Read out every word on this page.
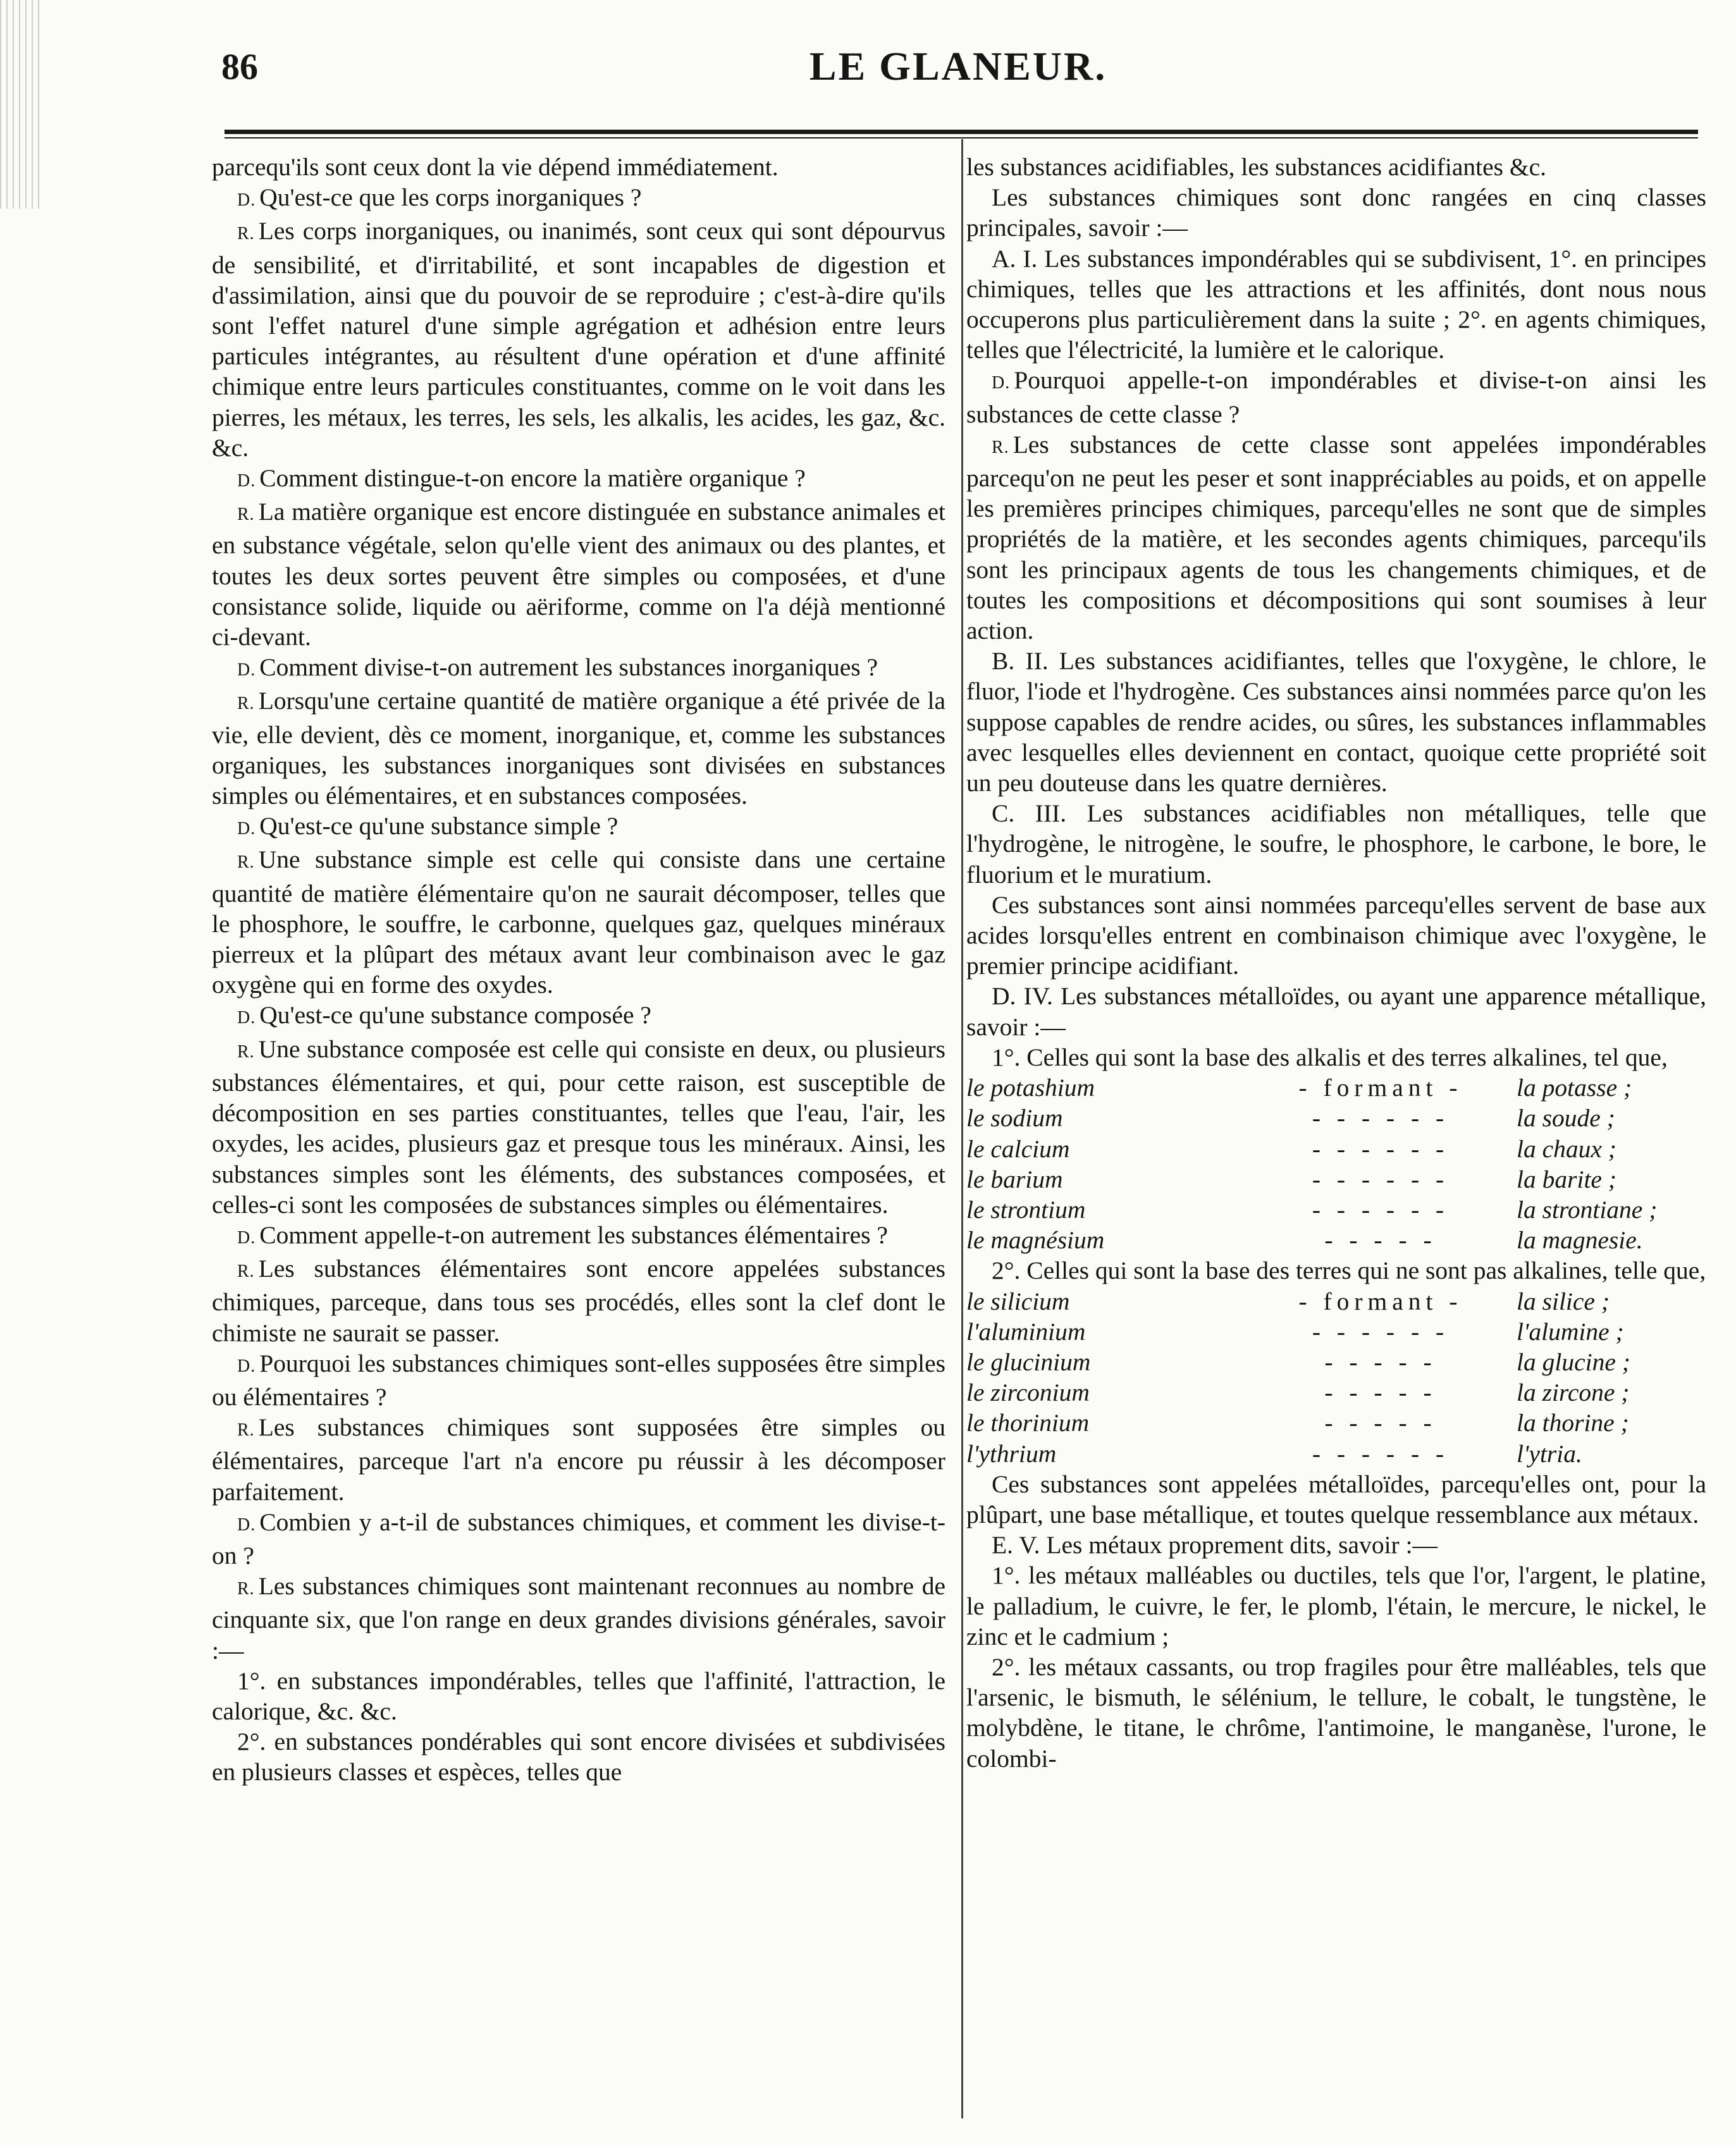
86	LE GLANEUR.

parcequ'ils sont ceux dont la vie dépend immédiatement.

D. Qu'est-ce que les corps inorganiques ?

R. Les corps inorganiques, ou inanimés, sont ceux qui sont dépourvus de sensibilité, et d'irritabilité, et sont incapables de digestion et d'assimilation, ainsi que du pouvoir de se reproduire ; c'est-à-dire qu'ils sont l'effet naturel d'une simple agrégation et adhésion entre leurs particules intégrantes, au résultent d'une opération et d'une affinité chimique entre leurs particules constituantes, comme on le voit dans les pierres, les métaux, les terres, les sels, les alkalis, les acides, les gaz, &c. &c.

D. Comment distingue-t-on encore la matière organique ?

R. La matière organique est encore distinguée en substance animales et en substance végétale, selon qu'elle vient des animaux ou des plantes, et toutes les deux sortes peuvent être simples ou composées, et d'une consistance solide, liquide ou aëriforme, comme on l'a déjà mentionné ci-devant.

D. Comment divise-t-on autrement les substances inorganiques ?

R. Lorsqu'une certaine quantité de matière organique a été privée de la vie, elle devient, dès ce moment, inorganique, et, comme les substances organiques, les substances inorganiques sont divisées en substances simples ou élémentaires, et en substances composées.

D. Qu'est-ce qu'une substance simple ?

R. Une substance simple est celle qui consiste dans une certaine quantité de matière élémentaire qu'on ne saurait décomposer, telles que le phosphore, le souffre, le carbonne, quelques gaz, quelques minéraux pierreux et la plûpart des métaux avant leur combinaison avec le gaz oxygène qui en forme des oxydes.

D. Qu'est-ce qu'une substance composée ?

R. Une substance composée est celle qui consiste en deux, ou plusieurs substances élémentaires, et qui, pour cette raison, est susceptible de décomposition en ses parties constituantes, telles que l'eau, l'air, les oxydes, les acides, plusieurs gaz et presque tous les minéraux. Ainsi, les substances simples sont les éléments, des substances composées, et celles-ci sont les composées de substances simples ou élémentaires.

D. Comment appelle-t-on autrement les substances élémentaires ?

R. Les substances élémentaires sont encore appelées substances chimiques, parceque, dans tous ses procédés, elles sont la clef dont le chimiste ne saurait se passer.

D. Pourquoi les substances chimiques sont-elles supposées être simples ou élémentaires ?

R. Les substances chimiques sont supposées être simples ou élémentaires, parceque l'art n'a encore pu réussir à les décomposer parfaitement.

D. Combien y a-t-il de substances chimiques, et comment les divise-t-on ?

R. Les substances chimiques sont maintenant reconnues au nombre de cinquante six, que l'on range en deux grandes divisions générales, savoir :—

1°. en substances impondérables, telles que l'affinité, l'attraction, le calorique, &c. &c.

2°. en substances pondérables qui sont encore divisées et subdivisées en plusieurs classes et espèces, telles que

les substances acidifiables, les substances acidifiantes &c.

Les substances chimiques sont donc rangées en cinq classes principales, savoir :—

A. I. Les substances impondérables qui se subdivisent, 1°. en principes chimiques, telles que les attractions et les affinités, dont nous nous occuperons plus particulièrement dans la suite ; 2°. en agents chimiques, telles que l'électricité, la lumière et le calorique.

D. Pourquoi appelle-t-on impondérables et divise-t-on ainsi les substances de cette classe ?

R. Les substances de cette classe sont appelées impondérables parcequ'on ne peut les peser et sont inappréciables au poids, et on appelle les premières principes chimiques, parcequ'elles ne sont que de simples propriétés de la matière, et les secondes agents chimiques, parcequ'ils sont les principaux agents de tous les changements chimiques, et de toutes les compositions et décompositions qui sont soumises à leur action.

B. II. Les substances acidifiantes, telles que l'oxygène, le chlore, le fluor, l'iode et l'hydrogène. Ces substances ainsi nommées parce qu'on les suppose capables de rendre acides, ou sûres, les substances inflammables avec lesquelles elles deviennent en contact, quoique cette propriété soit un peu douteuse dans les quatre dernières.

C. III. Les substances acidifiables non métalliques, telle que l'hydrogène, le nitrogène, le soufre, le phosphore, le carbone, le bore, le fluorium et le muratium.

Ces substances sont ainsi nommées parcequ'elles servent de base aux acides lorsqu'elles entrent en combinaison chimique avec l'oxygène, le premier principe acidifiant.

D. IV. Les substances métalloïdes, ou ayant une apparence métallique, savoir :—

1°. Celles qui sont la base des alkalis et des terres alkalines, tel que,

le potashium	- formant -	la potasse ;
le sodium	- - - - - -	la soude ;
le calcium	- - - - - -	la chaux ;
le barium	- - - - - -	la barite ;
le strontium	- - - - - -	la strontiane ;
le magnésium	- - - - -	la magnesie.

2°. Celles qui sont la base des terres qui ne sont pas alkalines, telle que,

le silicium	- formant -	la silice ;
l'aluminium	- - - - - -	l'alumine ;
le glucinium	- - - - -	la glucine ;
le zirconium	- - - - -	la zircone ;
le thorinium	- - - - -	la thorine ;
l'ythrium	- - - - - -	l'ytria.

Ces substances sont appelées métalloïdes, parcequ'elles ont, pour la plûpart, une base métallique, et toutes quelque ressemblance aux métaux.

E. V. Les métaux proprement dits, savoir :—

1°. les métaux malléables ou ductiles, tels que l'or, l'argent, le platine, le palladium, le cuivre, le fer, le plomb, l'étain, le mercure, le nickel, le zinc et le cadmium ;

2°. les métaux cassants, ou trop fragiles pour être malléables, tels que l'arsenic, le bismuth, le sélénium, le tellure, le cobalt, le tungstène, le molybdène, le titane, le chrôme, l'antimoine, le manganèse, l'urone, le colombi-
